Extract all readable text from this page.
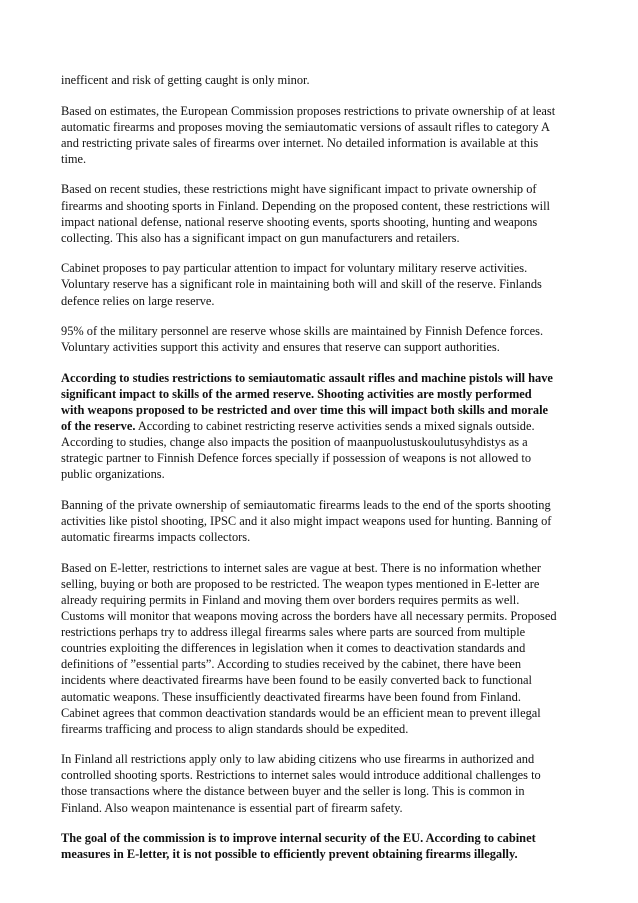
inefficent and risk of getting caught is only minor.

Based on estimates, the European Commission proposes restrictions to private ownership of at least
automatic firearms and proposes moving the semiautomatic versions of assault rifles to category A
and restricting private sales of firearms over internet. No detailed information is available at this
time.

Based on recent studies, these restrictions might have significant impact to private ownership of
firearms and shooting sports in Finland. Depending on the proposed content, these restrictions will
impact national defense, national reserve shooting events, sports shooting, hunting and weapons
collecting. This also has a significant impact on gun manufacturers and retailers.

Cabinet proposes to pay particular attention to impact for voluntary military reserve activities.
Voluntary reserve has a significant role in maintaining both will and skill of the reserve. Finlands
defence relies on large reserve.

95% of the military personnel are reserve whose skills are maintained by Finnish Defence forces.
Voluntary activities support this activity and ensures that reserve can support authorities.

According to studies restrictions to semiautomatic assault rifles and machine pistols will have
significant impact to skills of the armed reserve. Shooting activities are mostly performed
with weapons proposed to be restricted and over time this will impact both skills and morale
of the reserve. According to cabinet restricting reserve activities sends a mixed signals outside.
According to studies, change also impacts the position of maanpuolustuskoulutusyhdistys as a
strategic partner to Finnish Defence forces specially if possession of weapons is not allowed to
public organizations.

Banning of the private ownership of semiautomatic firearms leads to the end of the sports shooting
activities like pistol shooting, IPSC and it also might impact weapons used for hunting. Banning of
automatic firearms impacts collectors.

Based on E-letter, restrictions to internet sales are vague at best. There is no information whether
selling, buying or both are proposed to be restricted. The weapon types mentioned in E-letter are
already requiring permits in Finland and moving them over borders requires permits as well.
Customs will monitor that weapons moving across the borders have all necessary permits. Proposed
restrictions perhaps try to address illegal firearms sales where parts are sourced from multiple
countries exploiting the differences in legislation when it comes to deactivation standards and
definitions of ”essential parts”. According to studies received by the cabinet, there have been
incidents where deactivated firearms have been found to be easily converted back to functional
automatic weapons. These insufficiently deactivated firearms have been found from Finland.
Cabinet agrees that common deactivation standards would be an efficient mean to prevent illegal
firearms trafficing and process to align standards should be expedited.

In Finland all restrictions apply only to law abiding citizens who use firearms in authorized and
controlled shooting sports. Restrictions to internet sales would introduce additional challenges to
those transactions where the distance between buyer and the seller is long. This is common in
Finland. Also weapon maintenance is essential part of firearm safety.

The goal of the commission is to improve internal security of the EU. According to cabinet
measures in E-letter, it is not possible to efficiently prevent obtaining firearms illegally.
